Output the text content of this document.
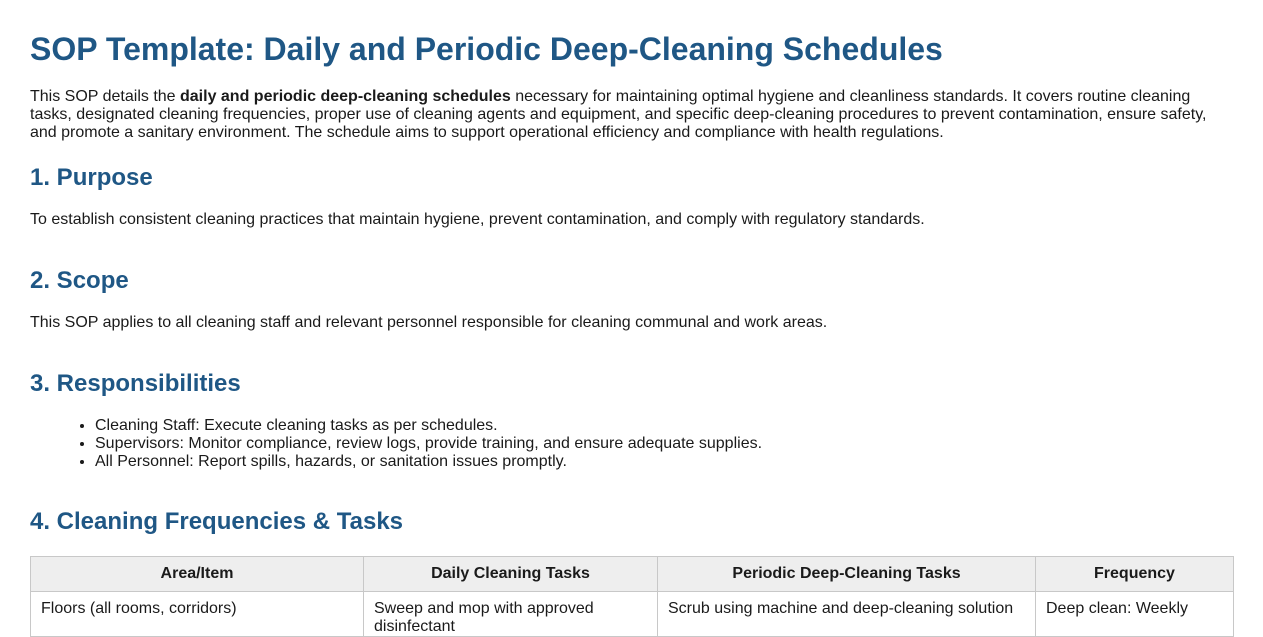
SOP Template: Daily and Periodic Deep-Cleaning Schedules

This SOP details the daily and periodic deep-cleaning schedules necessary for maintaining optimal hygiene and cleanliness standards. It covers routine cleaning tasks, designated cleaning frequencies, proper use of cleaning agents and equipment, and specific deep-cleaning procedures to prevent contamination, ensure safety, and promote a sanitary environment. The schedule aims to support operational efficiency and compliance with health regulations.

1. Purpose

To establish consistent cleaning practices that maintain hygiene, prevent contamination, and comply with regulatory standards.

2. Scope

This SOP applies to all cleaning staff and relevant personnel responsible for cleaning communal and work areas.

3. Responsibilities
• Cleaning Staff: Execute cleaning tasks as per schedules.
• Supervisors: Monitor compliance, review logs, provide training, and ensure adequate supplies.
• All Personnel: Report spills, hazards, or sanitation issues promptly.
4. Cleaning Frequencies & Tasks
Area/Item	Daily Cleaning Tasks	Periodic Deep-Cleaning Tasks	Frequency
Floors (all rooms, corridors)	Sweep and mop with approved disinfectant	Scrub using machine and deep-cleaning solution	Deep clean: Weekly
